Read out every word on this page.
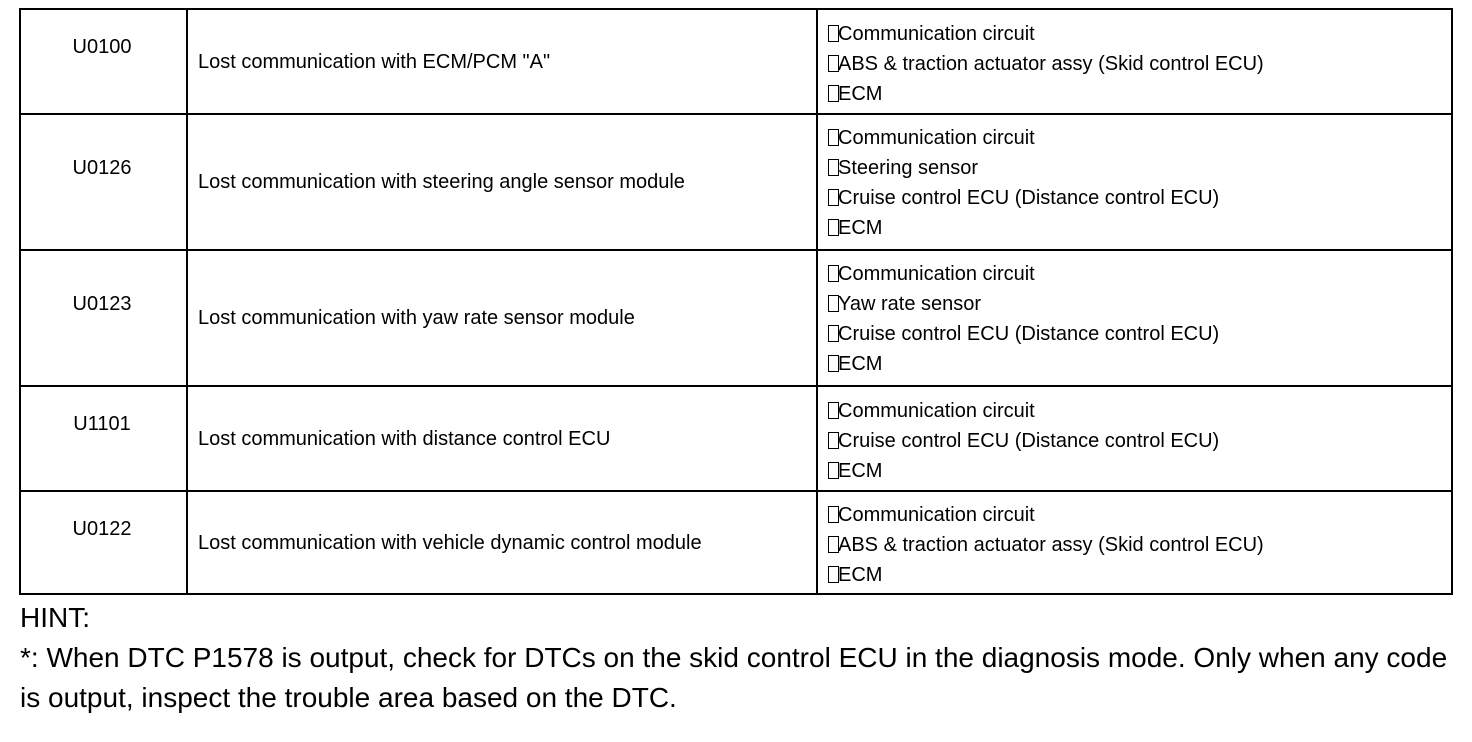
U0100	Lost communication with ECM/PCM "A"	Communication circuit
ABS & traction actuator assy (Skid control ECU)
ECM

U0126	Lost communication with steering angle sensor module	Communication circuit
Steering sensor
Cruise control ECU (Distance control ECU)
ECM

U0123	Lost communication with yaw rate sensor module	Communication circuit
Yaw rate sensor
Cruise control ECU (Distance control ECU)
ECM

U1101	Lost communication with distance control ECU	Communication circuit
Cruise control ECU (Distance control ECU)
ECM

U0122	Lost communication with vehicle dynamic control module	Communication circuit
ABS & traction actuator assy (Skid control ECU)
ECM
HINT:
*: When DTC P1578 is output, check for DTCs on the skid control ECU in the diagnosis mode. Only when any code is output, inspect the trouble area based on the DTC.
